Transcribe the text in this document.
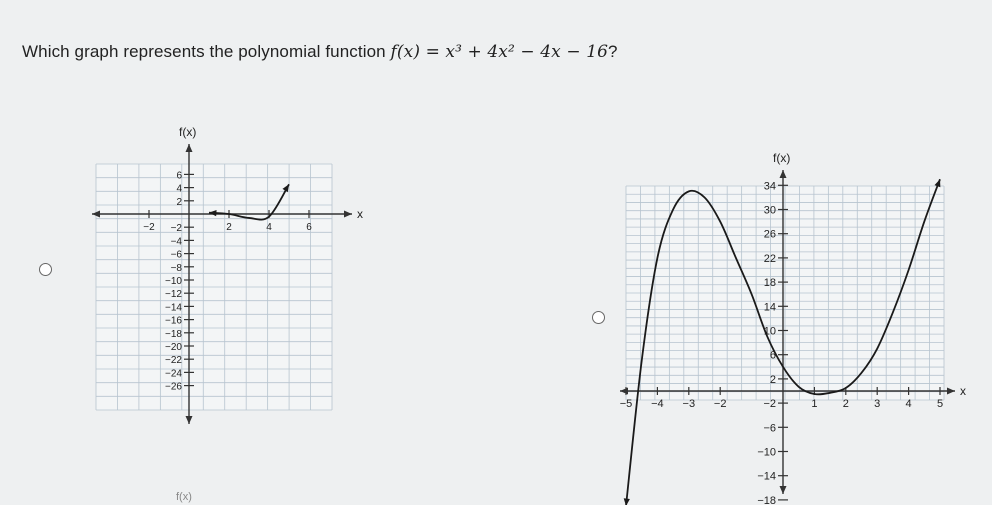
Which graph represents the polynomial function f(x) = x³ + 4x² − 4x − 16?
f(x)
x
−2	2	4	6
6
4
2
−2
−4
−6
−8
−10
−12
−14
−16
−18
−20
−22
−24
−26
f(x)
x
−5 −4 −3 −2	1 2 3 4 5
34
30
26
22
18
14
10
6
2
−2
−6
−10
−14
−18
f(x)
